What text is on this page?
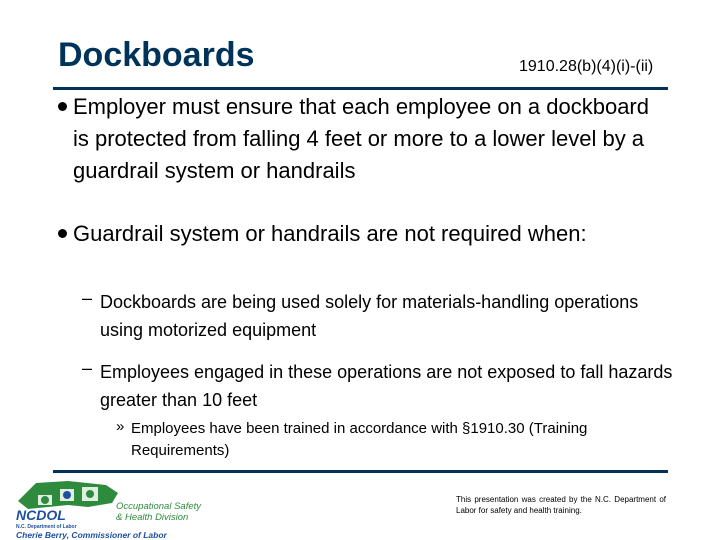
Dockboards	1910.28(b)(4)(i)-(ii)
Employer must ensure that each employee on a dockboard is protected from falling 4 feet or more to a lower level by a guardrail system or handrails
Guardrail system or handrails are not required when:
– Dockboards are being used solely for materials-handling operations using motorized equipment
– Employees engaged in these operations are not exposed to fall hazards greater than 10 feet
» Employees have been trained in accordance with §1910.30 (Training Requirements)
NCDOL
N.C. Department of Labor
Occupational Safety
& Health Division
Cherie Berry, Commissioner of Labor
This presentation was created by the N.C. Department of Labor for safety and health training.
